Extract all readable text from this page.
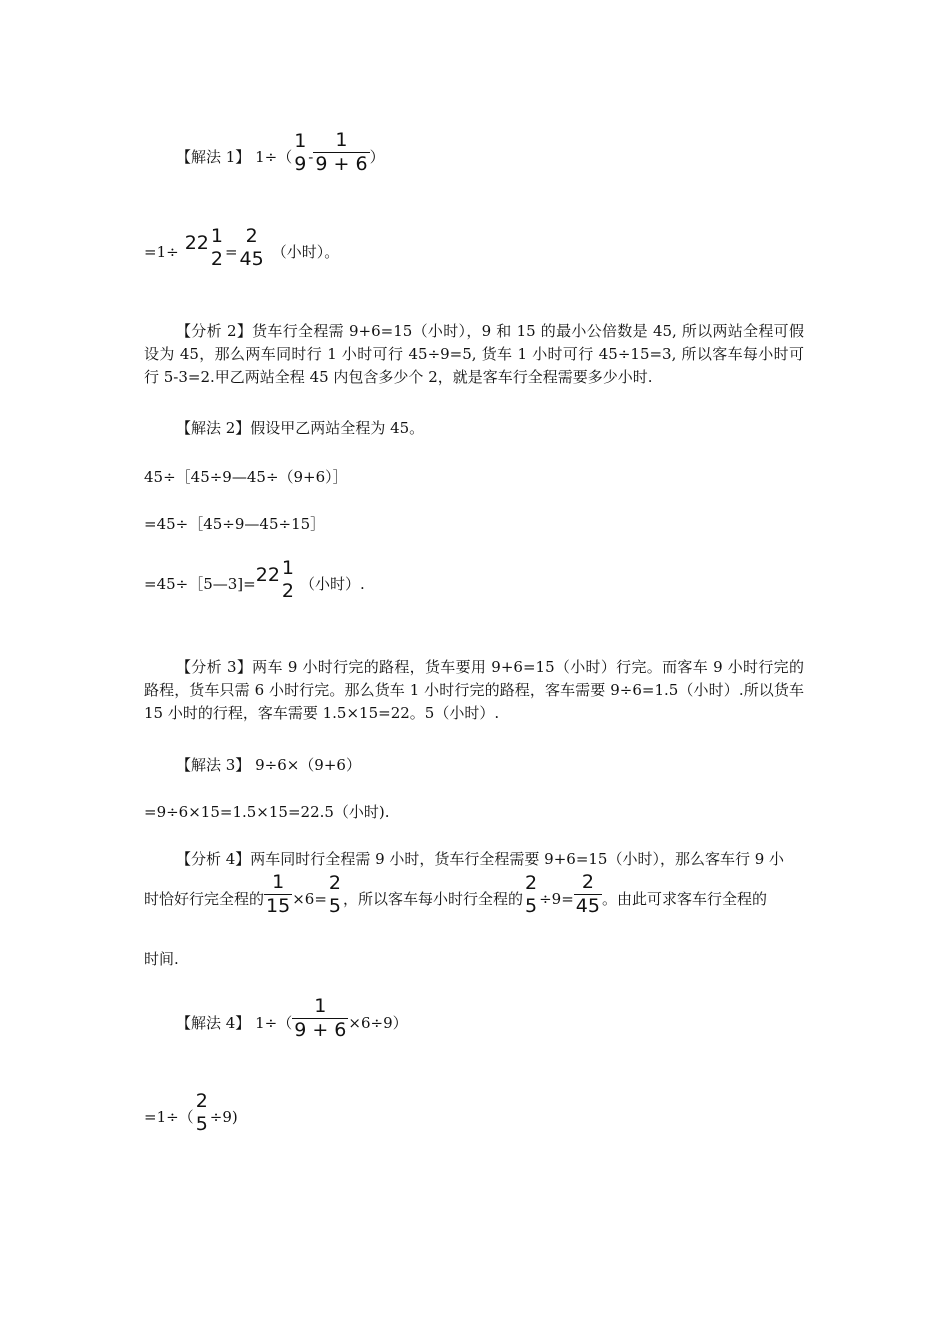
【解法 1】 1÷（
1
$9 - \frac{1}{9 + 6}$ ）
=1÷ 22 1
2 =
2
45 （小时）。
【分析 2】货车行全程需 9+6=15（小时），9 和 15 的最小公倍数是 45, 所以两站全程可假设为 45，那么两车同时行 1 小时可行 45÷9=5, 货车 1 小时可行 45÷15=3, 所以客车每小时可行 5-3=2.甲乙两站全程 45 内包含多少个 2，就是客车行全程需要多少小时.
【解法 2】假设甲乙两站全程为 45。
45÷［45÷9—45÷（9+6）］
=45÷［45÷9—45÷15］
=45÷［5—3]=22 1
2 （小时）.
【分析 3】两车 9 小时行完的路程，货车要用 9+6=15（小时）行完。而客车 9 小时行完的路程，货车只需 6 小时行完。那么货车 1 小时行完的路程，客车需要 9÷6=1.5（小时）.所以货车 15 小时的行程，客车需要 1.5×15=22。5（小时）.
【解法 3】 9÷6×（9+6）
=9÷6×15=1.5×15=22.5（小时).
【分析 4】两车同时行全程需 9 小时，货车行全程需要 9+6=15（小时），那么客车行 9 小
时恰好行完全程的 $\frac{1}{15} \times 6=$
2
5 ，所以客车每小时行全程的
2
$5 \div 9= \frac{2}{45}$ 。由此可求客车行全程的
时间.
【解法 4】 $1\div( \frac{1}{9 + 6} \times 6\div 9)$
=1÷（
2
5 ÷9)
